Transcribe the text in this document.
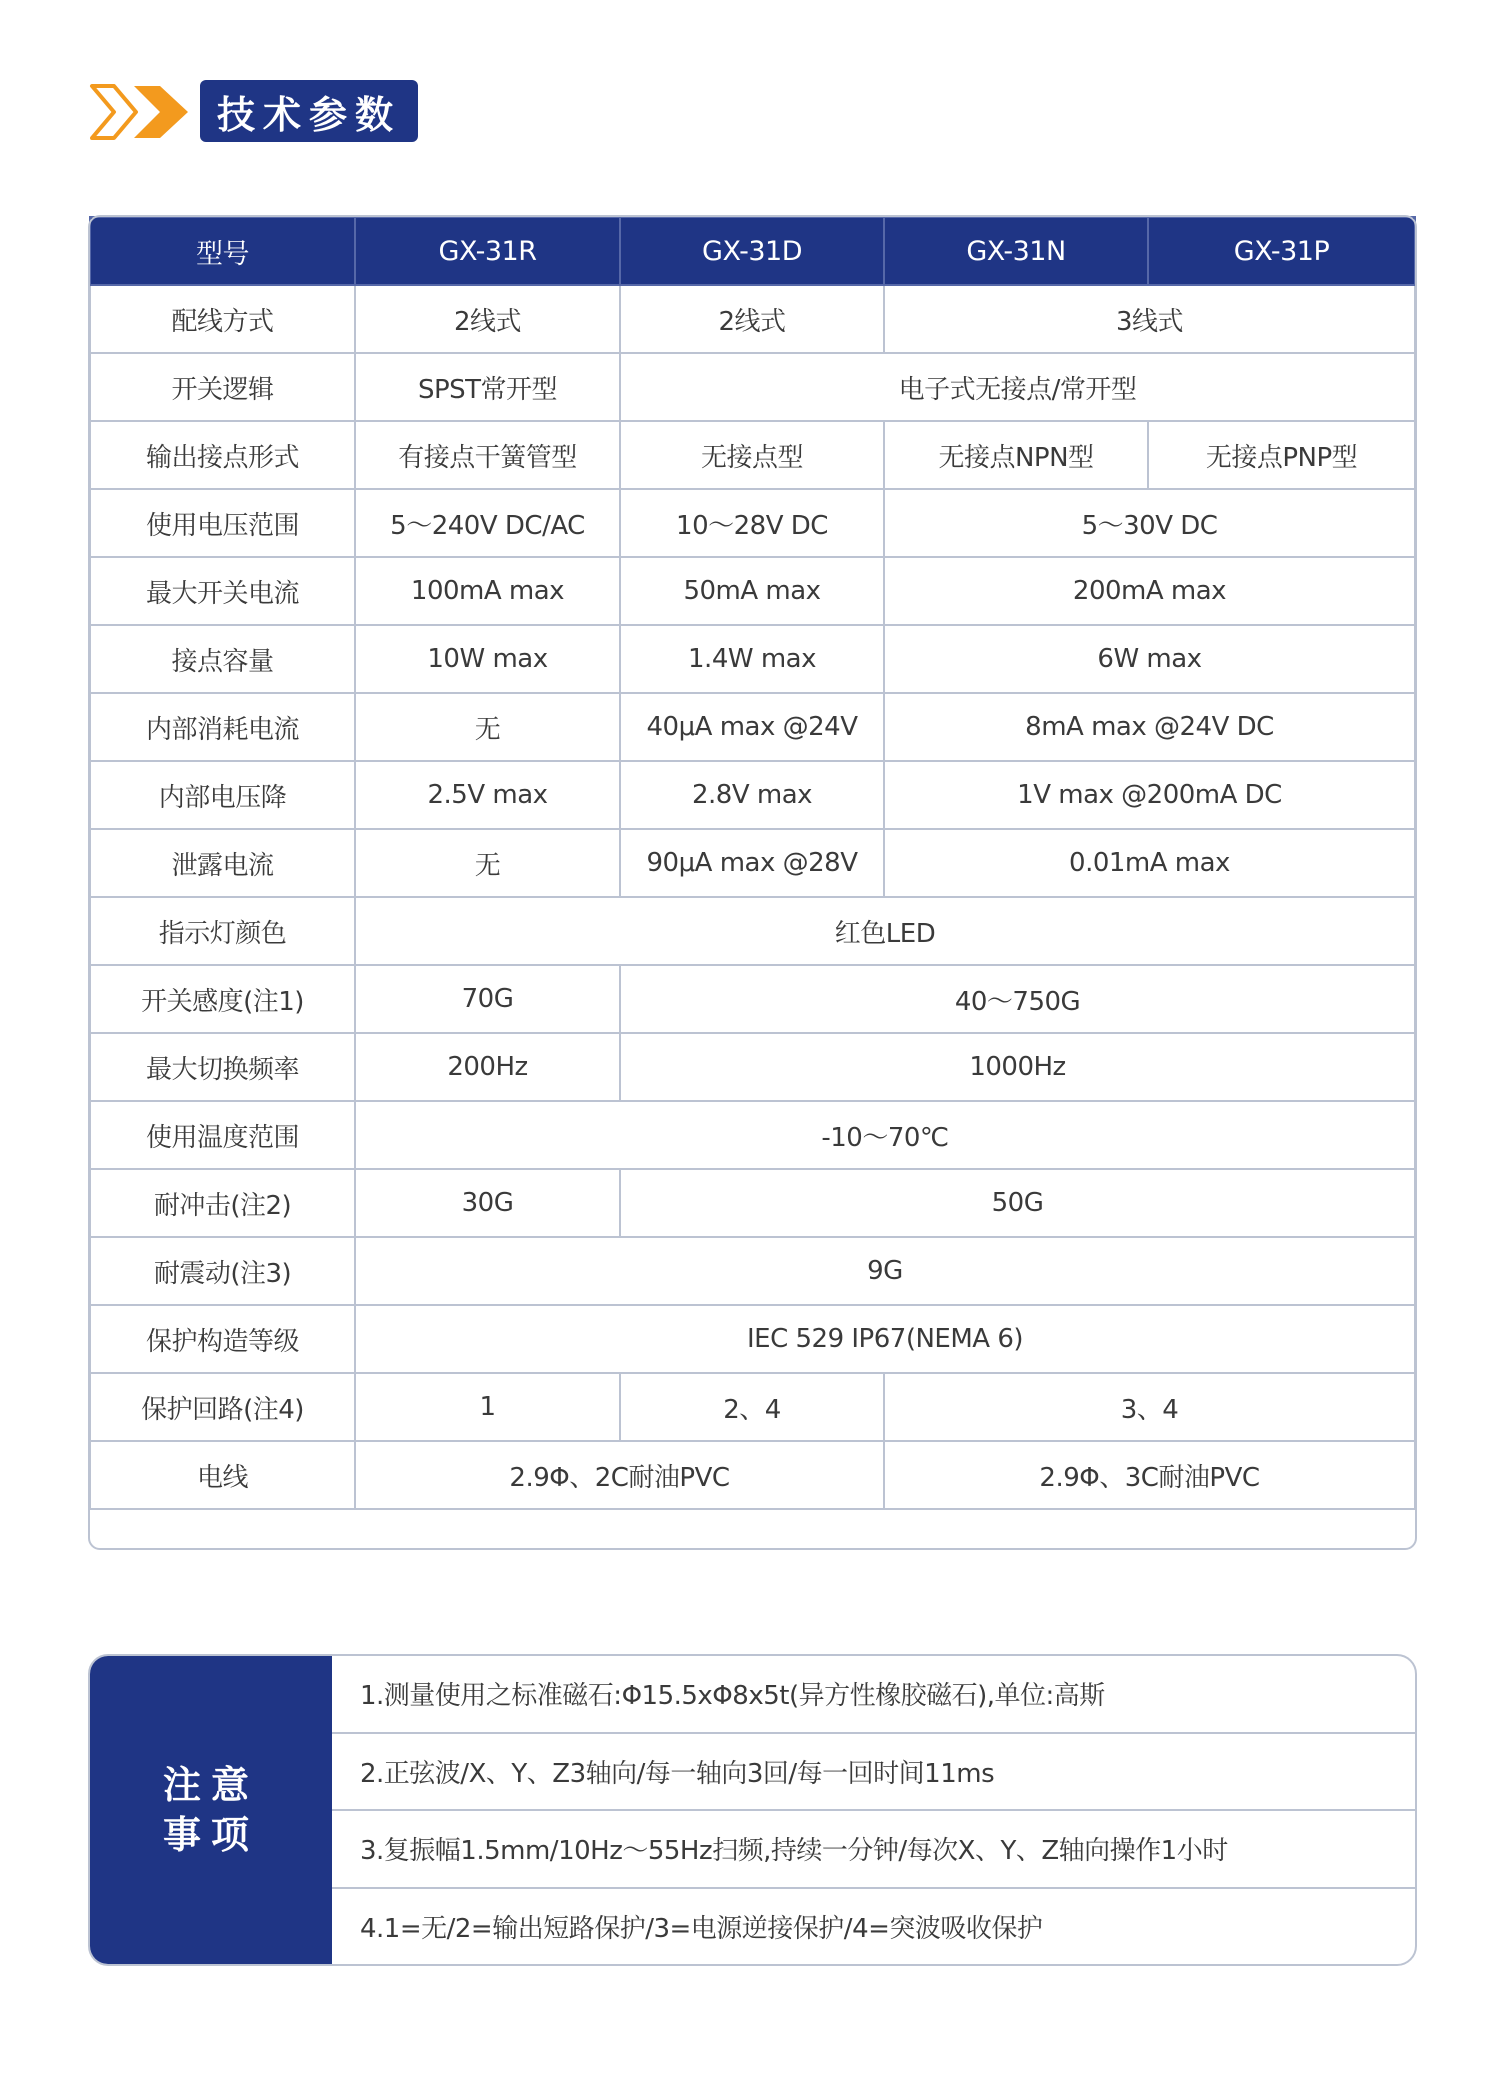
技术参数
型号	GX-31R	GX-31D	GX-31N	GX-31P
配线方式	2线式	2线式	3线式	
开关逻辑	SPST常开型	电子式无接点/常开型		
输出接点形式	有接点干簧管型	无接点型	无接点NPN型	无接点PNP型
使用电压范围	5～240V DC/AC	10～28V DC	5～30V DC	
最大开关电流	100mA max	50mA max	200mA max	
接点容量	10W max	1.4W max	6W max	
内部消耗电流	无	40μA max @24V	8mA max @24V DC	
内部电压降	2.5V max	2.8V max	1V max @200mA DC	
泄露电流	无	90μA max @28V	0.01mA max	
指示灯颜色	红色LED			
开关感度(注1)	70G	40～750G		
最大切换频率	200Hz	1000Hz		
使用温度范围	-10～70℃			
耐冲击(注2)	30G	50G		
耐震动(注3)	9G			
保护构造等级	IEC 529 IP67(NEMA 6)			
保护回路(注4)	1	2、4	3、4	
电线	2.9Φ、2C耐油PVC		2.9Φ、3C耐油PVC	
注意
事项
1.测量使用之标准磁石:Φ15.5xΦ8x5t(异方性橡胶磁石),单位:高斯
2.正弦波/X、Y、Z3轴向/每一轴向3回/每一回时间11ms
3.复振幅1.5mm/10Hz～55Hz扫频,持续一分钟/每次X、Y、Z轴向操作1小时
4.1=无/2=输出短路保护/3=电源逆接保护/4=突波吸收保护
